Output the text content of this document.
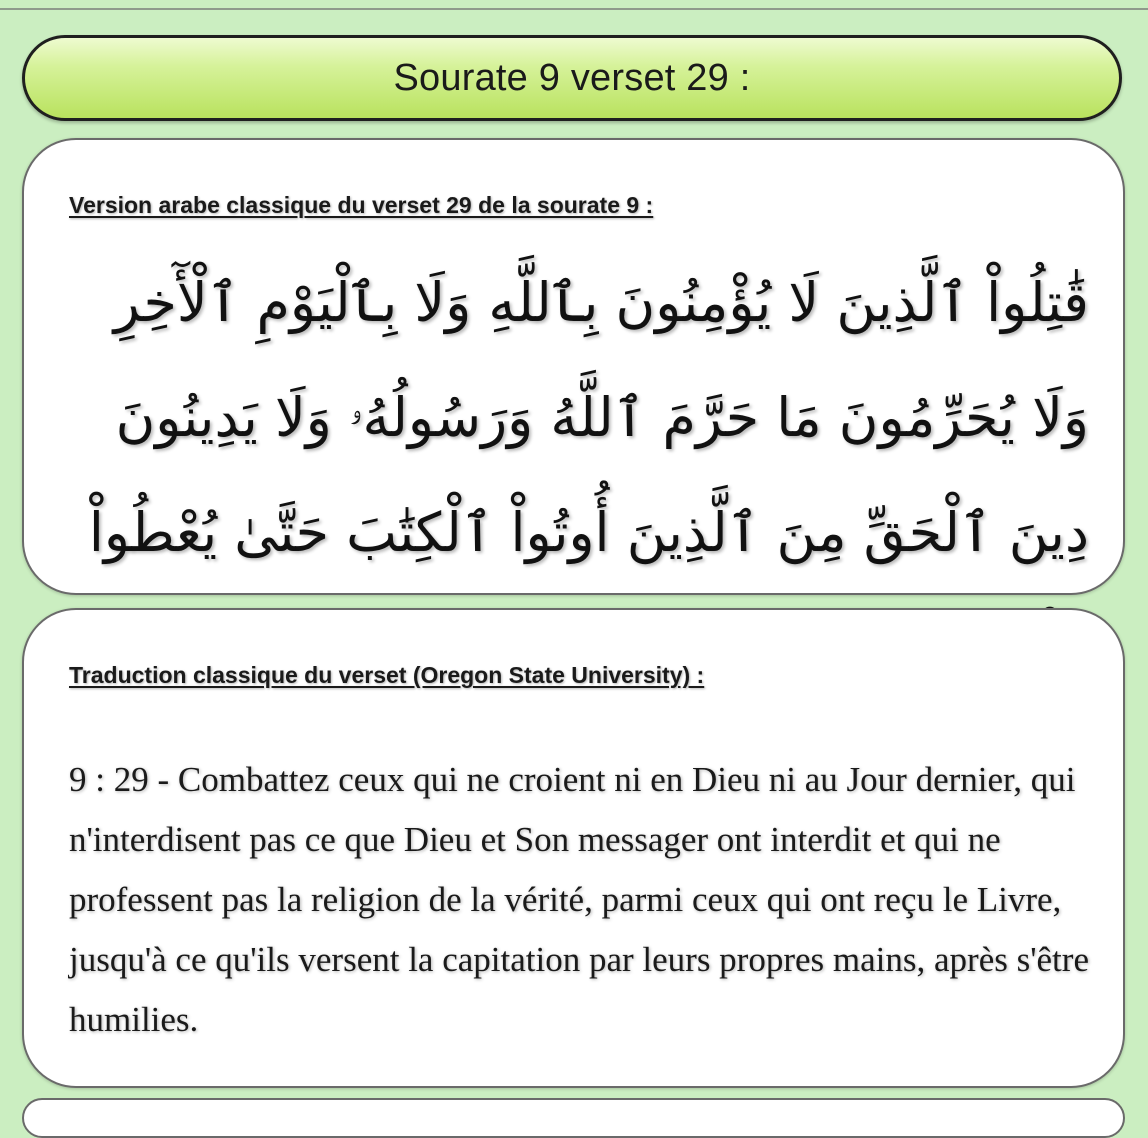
Sourate 9 verset 29 :
Version arabe classique du verset 29 de la sourate 9 :
قَٰتِلُواْ ٱلَّذِينَ لَا يُؤْمِنُونَ بِٱللَّهِ وَلَا بِٱلْيَوْمِ ٱلْأٓخِرِ وَلَا يُحَرِّمُونَ مَا حَرَّمَ ٱللَّهُ وَرَسُولُهُۥ وَلَا يَدِينُونَ دِينَ ٱلْحَقِّ مِنَ ٱلَّذِينَ أُوتُواْ ٱلْكِتَٰبَ حَتَّىٰ يُعْطُواْ
Traduction classique du verset (Oregon State University) :
9 : 29 - Combattez ceux qui ne croient ni en Dieu ni au Jour dernier, qui n'interdisent pas ce que Dieu et Son messager ont interdit et qui ne professent pas la religion de la vérité, parmi ceux qui ont reçu le Livre, jusqu'à ce qu'ils versent la capitation par leurs propres mains, après s'être humilies.
